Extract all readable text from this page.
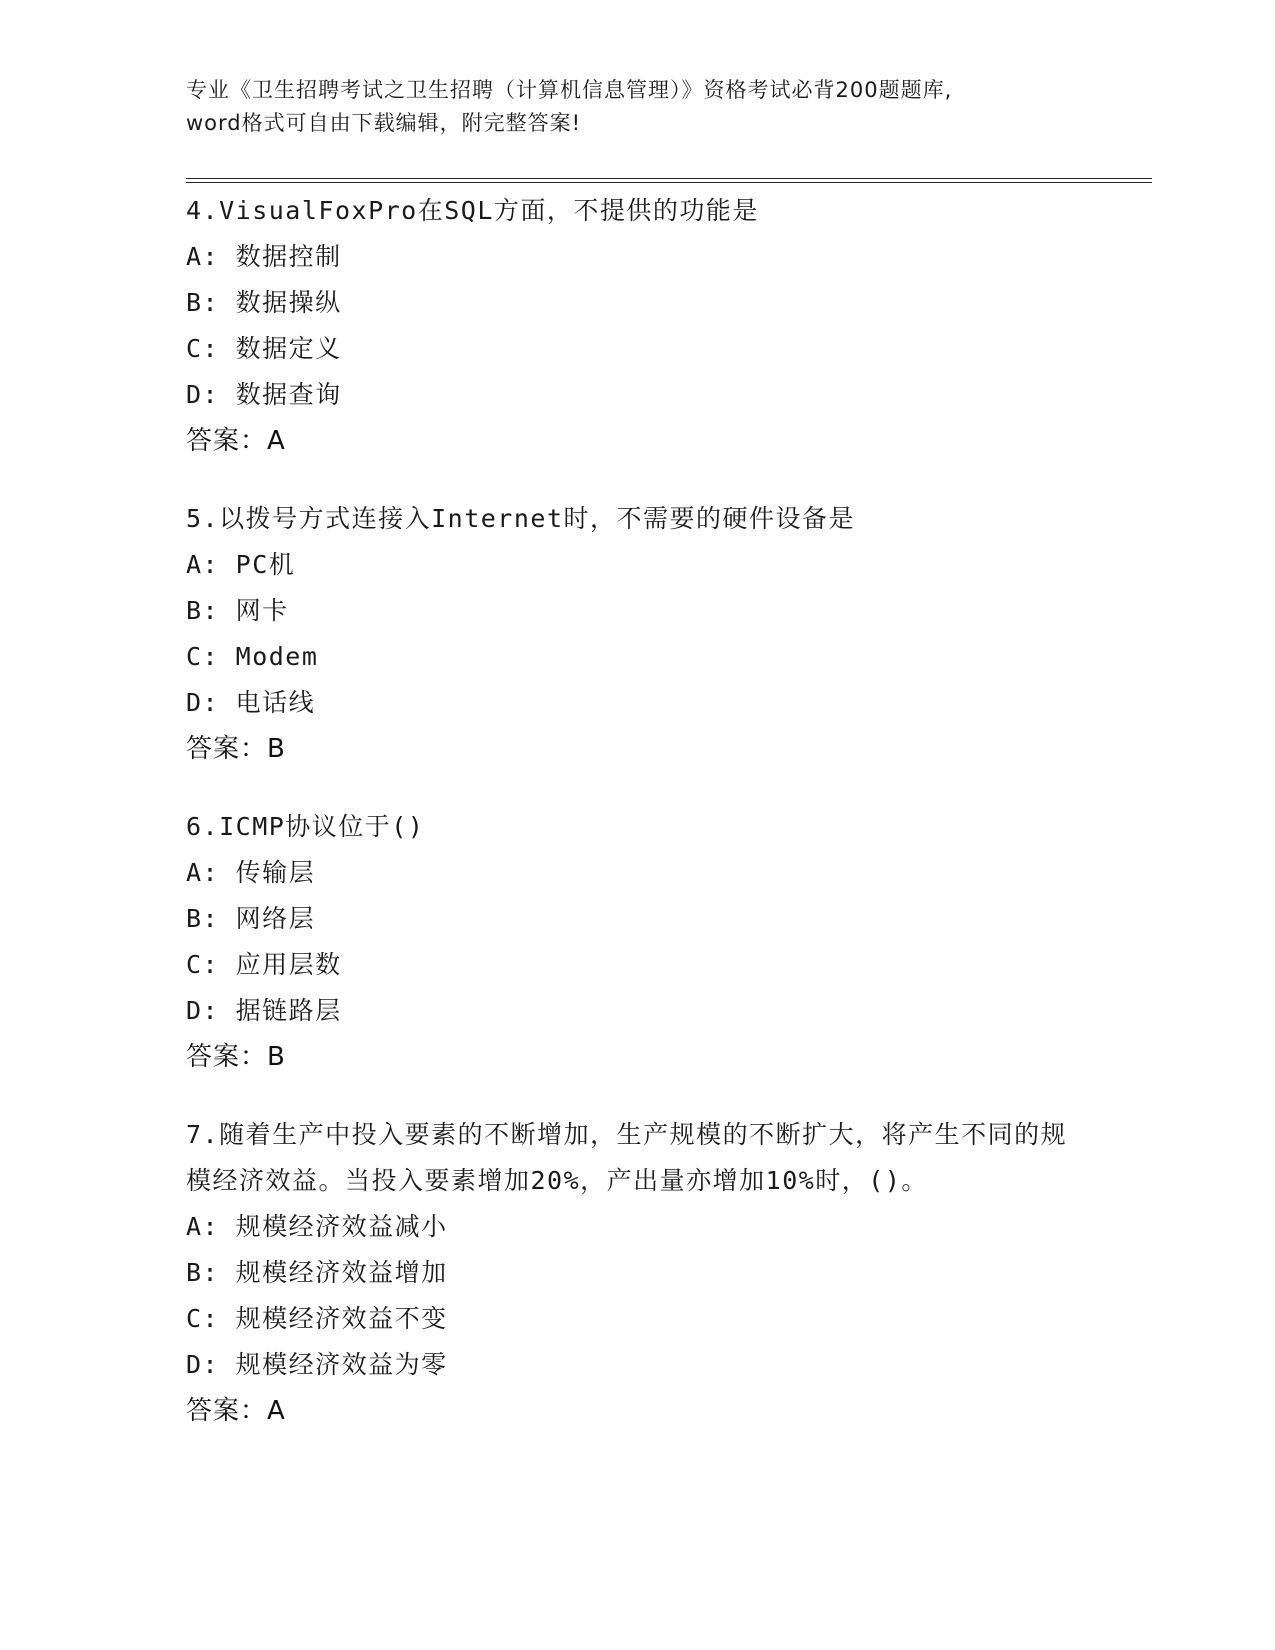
专业《卫生招聘考试之卫生招聘（计算机信息管理）》资格考试必背200题题库,
word格式可自由下载编辑，附完整答案!

4.VisualFoxPro在SQL方面，不提供的功能是

A: 数据控制

B: 数据操纵

C: 数据定义

D: 数据查询

答案：A

5.以拨号方式连接入Internet时，不需要的硬件设备是

A: PC机

B: 网卡

C: Modem

D: 电话线

答案：B

6.ICMP协议位于()

A: 传输层

B: 网络层

C: 应用层数

D: 据链路层

答案：B

7.随着生产中投入要素的不断增加，生产规模的不断扩大，将产生不同的规模经济效益。当投入要素增加20%，产出量亦增加10%时，()。

A: 规模经济效益减小

B: 规模经济效益增加

C: 规模经济效益不变

D: 规模经济效益为零

答案：A
